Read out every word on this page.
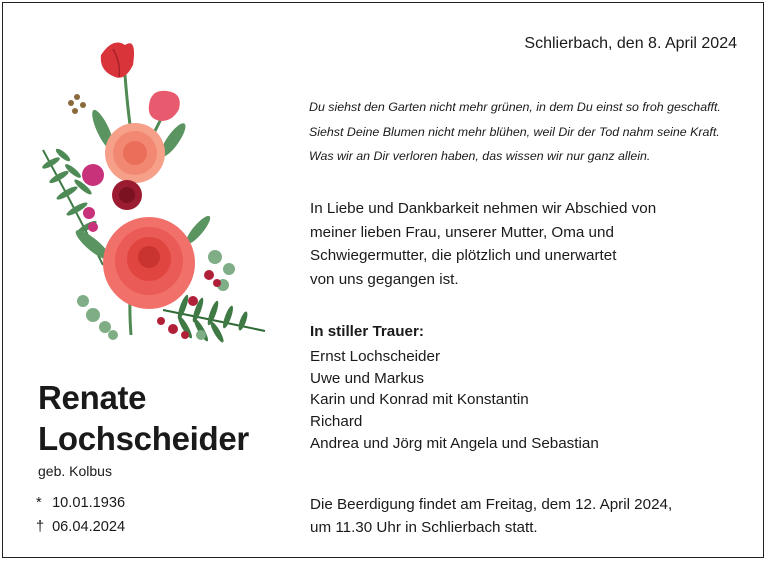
Schlierbach, den 8. April 2024
Du siehst den Garten nicht mehr grünen, in dem Du einst so froh geschafft.
Siehst Deine Blumen nicht mehr blühen, weil Dir der Tod nahm seine Kraft.
Was wir an Dir verloren haben, das wissen wir nur ganz allein.
In Liebe und Dankbarkeit nehmen wir Abschied von
meiner lieben Frau, unserer Mutter, Oma und
Schwiegermutter, die plötzlich und unerwartet
von uns gegangen ist.
In stiller Trauer:
Ernst Lochscheider
Uwe und Markus
Karin und Konrad mit Konstantin
Richard
Andrea und Jörg mit Angela und Sebastian
Die Beerdigung findet am Freitag, dem 12. April 2024,
um 11.30 Uhr in Schlierbach statt.
Renate
Lochscheider
geb. Kolbus
* 10.01.1936
† 06.04.2024
